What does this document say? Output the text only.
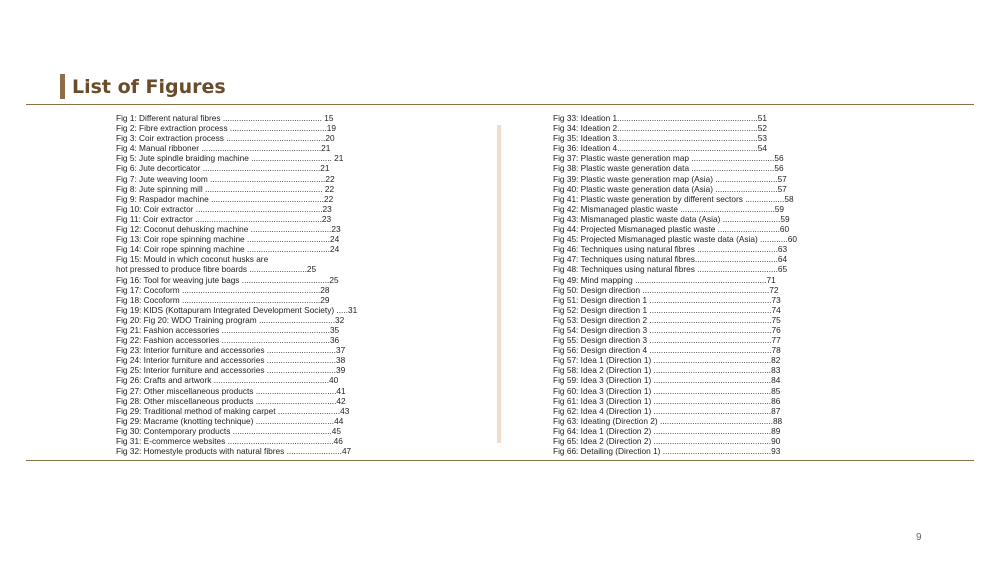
List of Figures
Fig 1: Different natural fibres ........................................... 15
Fig 2: Fibre extraction process ..........................................19
Fig 3: Coir extraction process ...........................................20
Fig 4: Manual ribboner ....................................................21
Fig 5: Jute spindle braiding machine ................................... 21
Fig 6: Jute decorticator ...................................................21
Fig 7: Jute weaving loom ..................................................22
Fig 8: Jute spinning mill ................................................... 22
Fig 9: Raspador machine .................................................22
Fig 10: Coir extractor .......................................................23
Fig 11: Coir extractor .......................................................23
Fig 12: Coconut dehusking machine ...................................23
Fig 13: Coir rope spinning machine ....................................24
Fig 14: Coir rope spinning machine ....................................24
Fig 15: Mould in which coconut husks are
hot pressed to produce fibre boards .........................25
Fig 16: Tool for weaving jute bags ......................................25
Fig 17: Cocoform ............................................................28
Fig 18: Cocoform ............................................................29
Fig 19: KIDS (Kottapuram Integrated Development Society) .....31
Fig 20: Fig 20: WDO Training program .................................32
Fig 21: Fashion accessories ...............................................35
Fig 22: Fashion accessories ...............................................36
Fig 23: Interior furniture and accessories ..............................37
Fig 24: Interior furniture and accessories ..............................38
Fig 25: Interior furniture and accessories ..............................39
Fig 26: Crafts and artwork ..................................................40
Fig 27: Other miscellaneous products ...................................41
Fig 28: Other miscellaneous products ...................................42
Fig 29: Traditional method of making carpet ...........................43
Fig 29: Macrame (knotting technique) ..................................44
Fig 30: Contemporary products ...........................................45
Fig 31: E-commerce websites ..............................................46
Fig 32: Homestyle products with natural fibres ........................47
Fig 33: Ideation 1.............................................................51
Fig 34: Ideation 2.............................................................52
Fig 35: Ideation 3.............................................................53
Fig 36: Ideation 4.............................................................54
Fig 37: Plastic waste generation map ....................................56
Fig 38: Plastic waste generation data ....................................56
Fig 39: Plastic waste generation map (Asia) ...........................57
Fig 40: Plastic waste generation data (Asia) ...........................57
Fig 41: Plastic waste generation by different sectors .................58
Fig 42: Mismanaged plastic waste .........................................59
Fig 43: Mismanaged plastic waste data (Asia) .........................59
Fig 44: Projected Mismanaged plastic waste ...........................60
Fig 45: Projected Mismanaged plastic waste data (Asia) ............60
Fig 46: Techniques using natural fibres ...................................63
Fig 47: Techniques using natural fibres....................................64
Fig 48: Techniques using natural fibres ...................................65
Fig 49: Mind mapping .........................................................71
Fig 50: Design direction .......................................................72
Fig 51: Design direction 1 .....................................................73
Fig 52: Design direction 1 .....................................................74
Fig 53: Design direction 2 .....................................................75
Fig 54: Design direction 3 .....................................................76
Fig 55: Design direction 3 .....................................................77
Fig 56: Design direction 4 .....................................................78
Fig 57: Idea 1 (Direction 1) ...................................................82
Fig 58: Idea 2 (Direction 1) ...................................................83
Fig 59: Idea 3 (Direction 1) ...................................................84
Fig 60: Idea 3 (Direction 1) ...................................................85
Fig 61: Idea 3 (Direction 1) ...................................................86
Fig 62: Idea 4 (Direction 1) ...................................................87
Fig 63: Ideating (Direction 2) .................................................88
Fig 64: Idea 1 (Direction 2) ...................................................89
Fig 65: Idea 2 (Direction 2) ...................................................90
Fig 66: Detailing (Direction 1) ...............................................93
9
